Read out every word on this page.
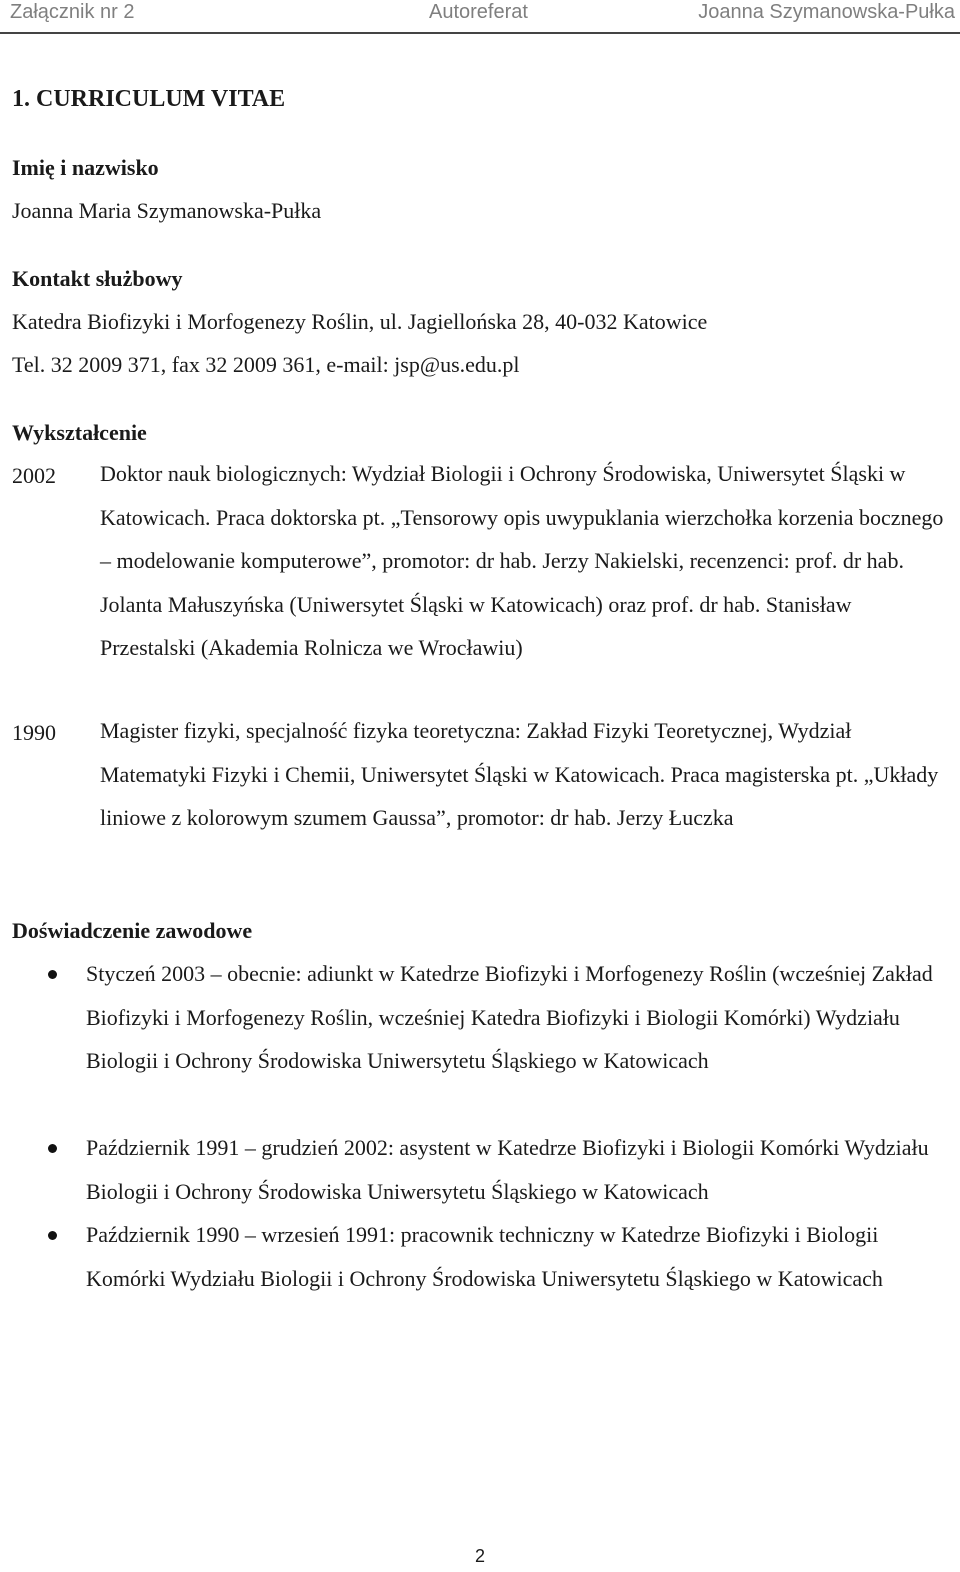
Załącznik nr 2	Autoreferat	Joanna Szymanowska-Pułka
1. CURRICULUM VITAE
Imię i nazwisko
Joanna Maria Szymanowska-Pułka
Kontakt służbowy
Katedra Biofizyki i Morfogenezy Roślin, ul. Jagiellońska 28, 40-032 Katowice
Tel. 32 2009 371, fax 32 2009 361, e-mail: jsp@us.edu.pl
Wykształcenie
2002 Doktor nauk biologicznych: Wydział Biologii i Ochrony Środowiska, Uniwersytet Śląski w Katowicach. Praca doktorska pt. „Tensorowy opis uwypuklania wierzchołka korzenia bocznego – modelowanie komputerowe”, promotor: dr hab. Jerzy Nakielski, recenzenci: prof. dr hab. Jolanta Małuszyńska (Uniwersytet Śląski w Katowicach) oraz prof. dr hab. Stanisław Przestalski (Akademia Rolnicza we Wrocławiu)
1990 Magister fizyki, specjalność fizyka teoretyczna: Zakład Fizyki Teoretycznej, Wydział Matematyki Fizyki i Chemii, Uniwersytet Śląski w Katowicach. Praca magisterska pt. „Układy liniowe z kolorowym szumem Gaussa”, promotor: dr hab. Jerzy Łuczka
Doświadczenie zawodowe
Styczeń 2003 – obecnie: adiunkt w Katedrze Biofizyki i Morfogenezy Roślin (wcześniej Zakład Biofizyki i Morfogenezy Roślin, wcześniej Katedra Biofizyki i Biologii Komórki) Wydziału Biologii i Ochrony Środowiska Uniwersytetu Śląskiego w Katowicach
Październik 1991 – grudzień 2002: asystent w Katedrze Biofizyki i Biologii Komórki Wydziału Biologii i Ochrony Środowiska Uniwersytetu Śląskiego w Katowicach
Październik 1990 – wrzesień 1991: pracownik techniczny w Katedrze Biofizyki i Biologii Komórki Wydziału Biologii i Ochrony Środowiska Uniwersytetu Śląskiego w Katowicach
2
